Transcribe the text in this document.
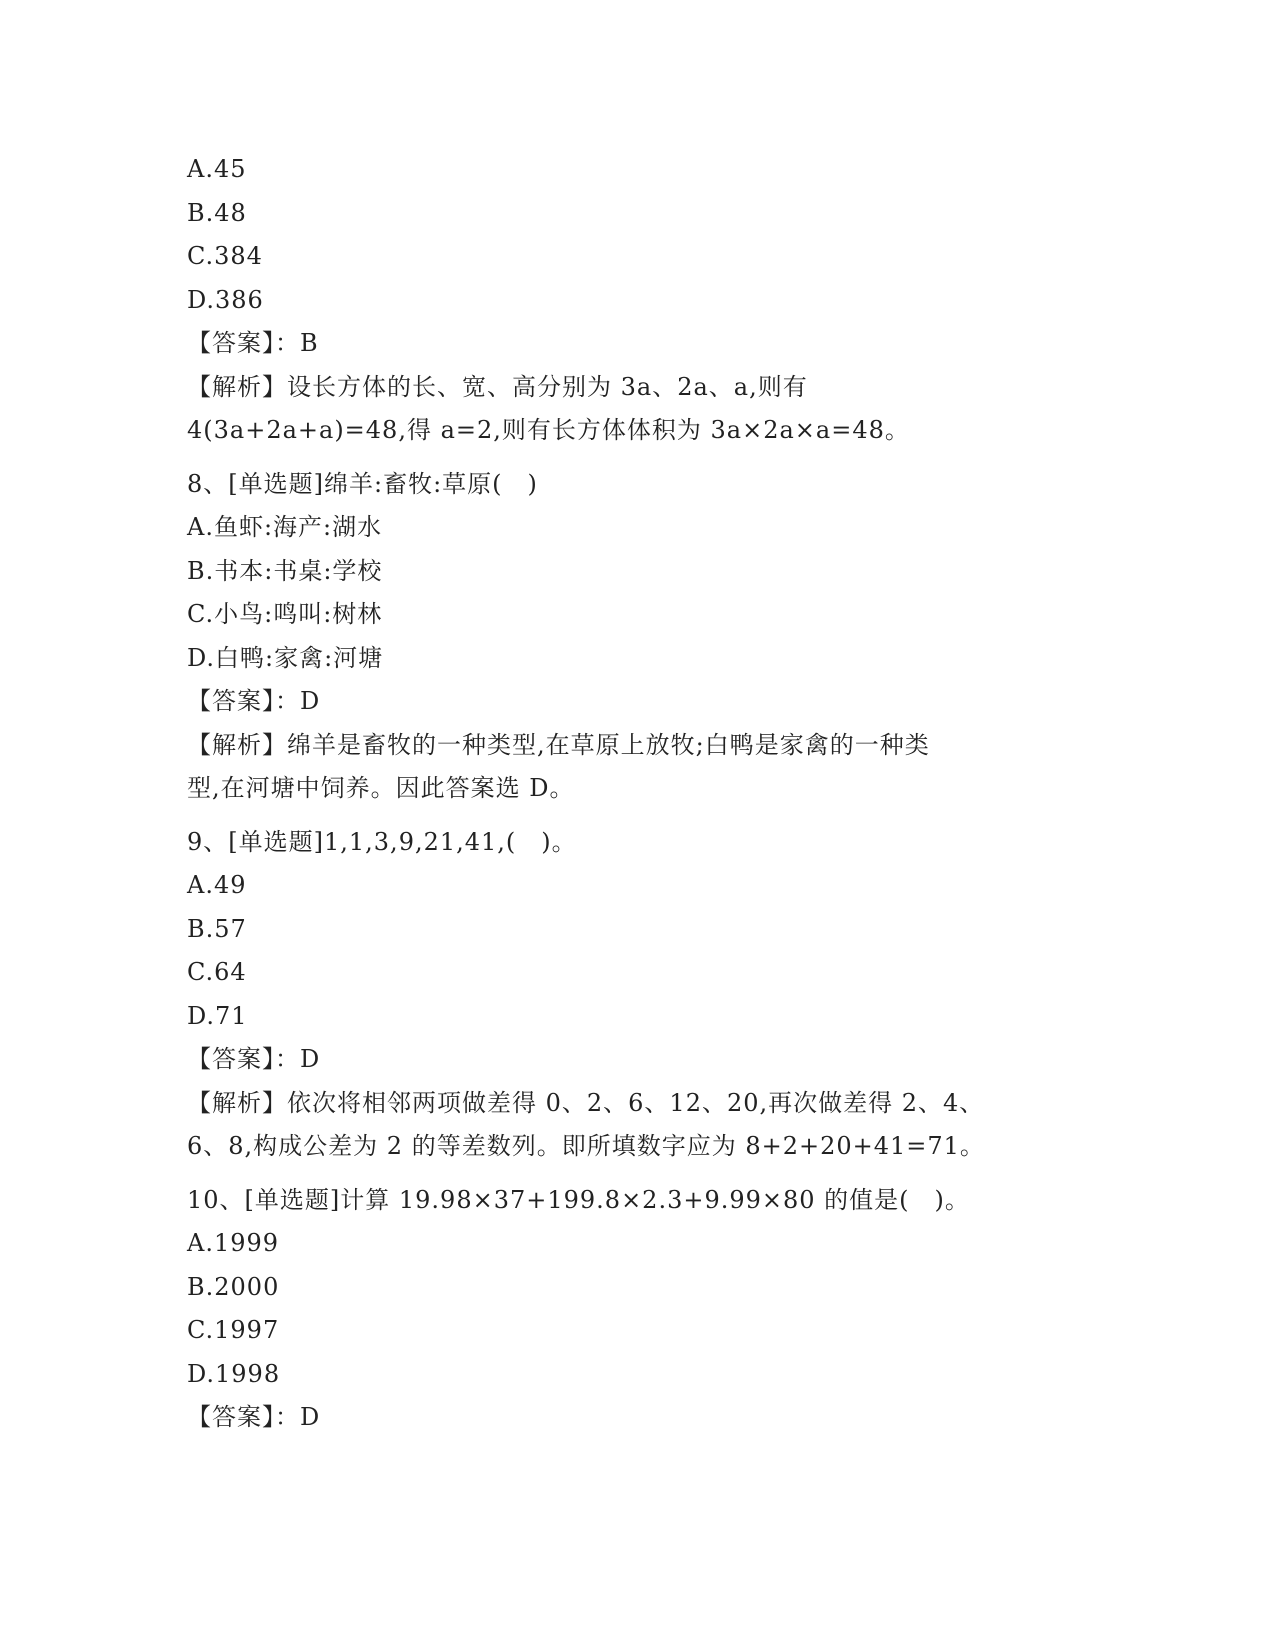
A.45
B.48
C.384
D.386
【答案】：B
【解析】设长方体的长、宽、高分别为 3a、2a、a,则有
4(3a+2a+a)=48,得 a=2,则有长方体体积为 3a×2a×a=48。
8、[单选题]绵羊:畜牧:草原(　)
A.鱼虾:海产:湖水
B.书本:书桌:学校
C.小鸟:鸣叫:树林
D.白鸭:家禽:河塘
【答案】：D
【解析】绵羊是畜牧的一种类型,在草原上放牧;白鸭是家禽的一种类
型,在河塘中饲养。因此答案选 D。
9、[单选题]1,1,3,9,21,41,(　)。
A.49
B.57
C.64
D.71
【答案】：D
【解析】依次将相邻两项做差得 0、2、6、12、20,再次做差得 2、4、
6、8,构成公差为 2 的等差数列。即所填数字应为 8+2+20+41=71。
10、[单选题]计算 19.98×37+199.8×2.3+9.99×80 的值是(　)。
A.1999
B.2000
C.1997
D.1998
【答案】：D
